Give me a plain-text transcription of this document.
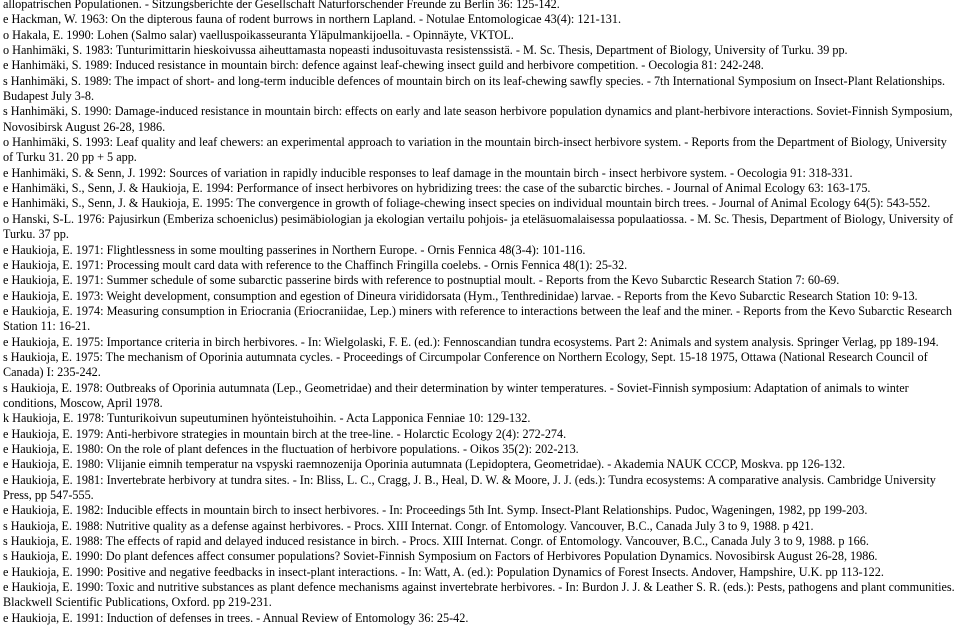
allopatrischen Populationen. - Sitzungsberichte der Gesellschaft Naturforschender Freunde zu Berlin 36: 125-142.

e Hackman, W. 1963: On the dipterous fauna of rodent burrows in northern Lapland. - Notulae Entomologicae 43(4): 121-131.

o Hakala, E. 1990: Lohen (Salmo salar) vaelluspoikasseuranta Yläpulmankijoella. - Opinnäyte, VKTOL.

o Hanhimäki, S. 1983: Tunturimittarin hieskoivussa aiheuttamasta nopeasti indusoituvasta resistenssistä. - M. Sc. Thesis, Department of Biology, University of Turku. 39 pp.

e Hanhimäki, S. 1989: Induced resistance in mountain birch: defence against leaf-chewing insect guild and herbivore competition. - Oecologia 81: 242-248.

s Hanhimäki, S. 1989: The impact of short- and long-term inducible defences of mountain birch on its leaf-chewing sawfly species. - 7th International Symposium on Insect-Plant Relationships. Budapest July 3-8.

s Hanhimäki, S. 1990: Damage-induced resistance in mountain birch: effects on early and late season herbivore population dynamics and plant-herbivore interactions. Soviet-Finnish Symposium, Novosibirsk August 26-28, 1986.

o Hanhimäki, S. 1993: Leaf quality and leaf chewers: an experimental approach to variation in the mountain birch-insect herbivore system. - Reports from the Department of Biology, University of Turku 31. 20 pp + 5 app.

e Hanhimäki, S. & Senn, J. 1992: Sources of variation in rapidly inducible responses to leaf damage in the mountain birch - insect herbivore system. - Oecologia 91: 318-331.

e Hanhimäki, S., Senn, J. & Haukioja, E. 1994: Performance of insect herbivores on hybridizing trees: the case of the subarctic birches. - Journal of Animal Ecology 63: 163-175.

e Hanhimäki, S., Senn, J. & Haukioja, E. 1995: The convergence in growth of foliage-chewing insect species on individual mountain birch trees. - Journal of Animal Ecology 64(5): 543-552.

o Hanski, S-L. 1976: Pajusirkun (Emberiza schoeniclus) pesimäbiologian ja ekologian vertailu pohjois- ja eteläsuomalaisessa populaatiossa. - M. Sc. Thesis, Department of Biology, University of Turku. 37 pp.

e Haukioja, E. 1971: Flightlessness in some moulting passerines in Northern Europe. - Ornis Fennica 48(3-4): 101-116.

e Haukioja, E. 1971: Processing moult card data with reference to the Chaffinch Fringilla coelebs. - Ornis Fennica 48(1): 25-32.

e Haukioja, E. 1971: Summer schedule of some subarctic passerine birds with reference to postnuptial moult. - Reports from the Kevo Subarctic Research Station 7: 60-69.

e Haukioja, E. 1973: Weight development, consumption and egestion of Dineura virididorsata (Hym., Tenthredinidae) larvae. - Reports from the Kevo Subarctic Research Station 10: 9-13.

e Haukioja, E. 1974: Measuring consumption in Eriocrania (Eriocraniidae, Lep.) miners with reference to interactions between the leaf and the miner. - Reports from the Kevo Subarctic Research Station 11: 16-21.

e Haukioja, E. 1975: Importance criteria in birch herbivores. - In: Wielgolaski, F. E. (ed.): Fennoscandian tundra ecosystems. Part 2: Animals and system analysis. Springer Verlag, pp 189-194.

s Haukioja, E. 1975: The mechanism of Oporinia autumnata cycles. - Proceedings of Circumpolar Conference on Northern Ecology, Sept. 15-18 1975, Ottawa (National Research Council of Canada) I: 235-242.

s Haukioja, E. 1978: Outbreaks of Oporinia autumnata (Lep., Geometridae) and their determination by winter temperatures. - Soviet-Finnish symposium: Adaptation of animals to winter conditions, Moscow, April 1978.

k Haukioja, E. 1978: Tunturikoivun supeutuminen hyönteistuhoihin. - Acta Lapponica Fenniae 10: 129-132.

e Haukioja, E. 1979: Anti-herbivore strategies in mountain birch at the tree-line. - Holarctic Ecology 2(4): 272-274.

e Haukioja, E. 1980: On the role of plant defences in the fluctuation of herbivore populations. - Oikos 35(2): 202-213.

e Haukioja, E. 1980: Vlijanie eimnih temperatur na vspyski raemnozenija Oporinia autumnata (Lepidoptera, Geometridae). - Akademia NAUK CCCP, Moskva. pp 126-132.

e Haukioja, E. 1981: Invertebrate herbivory at tundra sites. - In: Bliss, L. C., Cragg, J. B., Heal, D. W. & Moore, J. J. (eds.): Tundra ecosystems: A comparative analysis. Cambridge University Press, pp 547-555.

e Haukioja, E. 1982: Inducible effects in mountain birch to insect herbivores. - In: Proceedings 5th Int. Symp. Insect-Plant Relationships. Pudoc, Wageningen, 1982, pp 199-203.

s Haukioja, E. 1988: Nutritive quality as a defense against herbivores. - Procs. XIII Internat. Congr. of Entomology. Vancouver, B.C., Canada July 3 to 9, 1988. p 421.

s Haukioja, E. 1988: The effects of rapid and delayed induced resistance in birch. - Procs. XIII Internat. Congr. of Entomology. Vancouver, B.C., Canada July 3 to 9, 1988. p 166.

s Haukioja, E. 1990: Do plant defences affect consumer populations? Soviet-Finnish Symposium on Factors of Herbivores Population Dynamics. Novosibirsk August 26-28, 1986.

e Haukioja, E. 1990: Positive and negative feedbacks in insect-plant interactions. - In: Watt, A. (ed.): Population Dynamics of Forest Insects. Andover, Hampshire, U.K. pp 113-122.

e Haukioja, E. 1990: Toxic and nutritive substances as plant defence mechanisms against invertebrate herbivores. - In: Burdon J. J. & Leather S. R. (eds.): Pests, pathogens and plant communities. Blackwell Scientific Publications, Oxford. pp 219-231.

e Haukioja, E. 1991: Induction of defenses in trees. - Annual Review of Entomology 36: 25-42.
